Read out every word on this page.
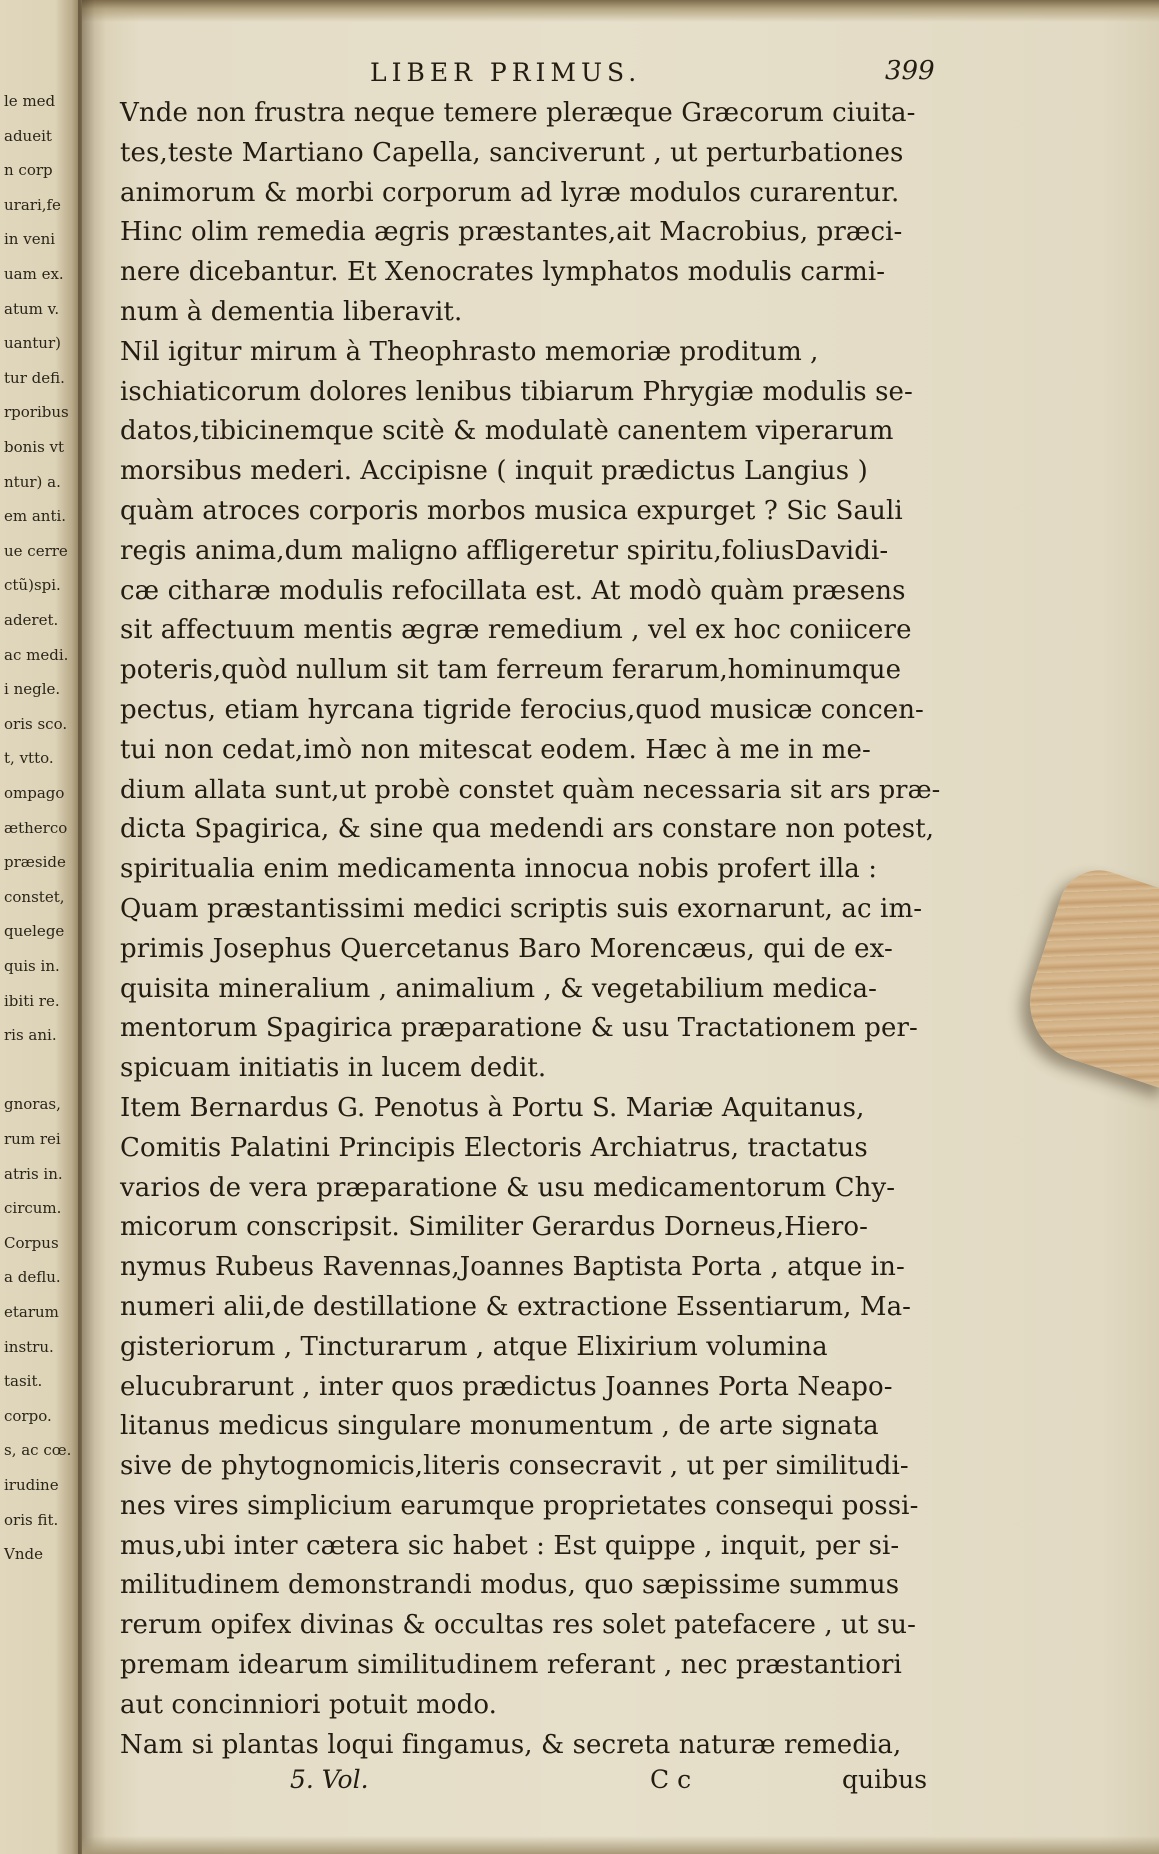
le med
adueit
n corp
urari,fe
in veni
uam ex.
atum v.
uantur)
tur defi.
rporibus
bonis vt
ntur) a.
em anti.
ue cerre
ctũ)spi.
aderet.
ac medi.
i negle.
oris sco.
t, vtto.
ompago
ætherco
præside
constet,
quelege
quis in.
ibiti re.
ris ani.
gnoras,
rum rei
atris in.
circum.
Corpus
a deflu.
etarum
instru.
tasit.
corpo.
s, ac cœ.
irudine
oris fit.
Vnde
LIBER PRIMUS.	399
Vnde non frustra neque temere pleræque Græcorum ciuita-
tes,teste Martiano Capella, sanciverunt , ut perturbationes
animorum & morbi corporum ad lyræ modulos curarentur.
Hinc olim remedia ægris præstantes,ait Macrobius, præci-
nere dicebantur. Et Xenocrates lymphatos modulis carmi-
num à dementia liberavit.
Nil igitur mirum à Theophrasto memoriæ proditum ,
ischiaticorum dolores lenibus tibiarum Phrygiæ modulis se-
datos,tibicinemque scitè & modulatè canentem viperarum
morsibus mederi. Accipisne ( inquit prædictus Langius )
quàm atroces corporis morbos musica expurget ? Sic Sauli
regis anima,dum maligno affligeretur spiritu,foliusDavidi-
cæ citharæ modulis refocillata est. At modò quàm præsens
sit affectuum mentis ægræ remedium , vel ex hoc coniicere
poteris,quòd nullum sit tam ferreum ferarum,hominumque
pectus, etiam hyrcana tigride ferocius,quod musicæ concen-
tui non cedat,imò non mitescat eodem. Hæc à me in me-
dium allata sunt,ut probè constet quàm necessaria sit ars præ-
dicta Spagirica, & sine qua medendi ars constare non potest,
spiritualia enim medicamenta innocua nobis profert illa :
Quam præstantissimi medici scriptis suis exornarunt, ac im-
primis Josephus Quercetanus Baro Morencæus, qui de ex-
quisita mineralium , animalium , & vegetabilium medica-
mentorum Spagirica præparatione & usu Tractationem per-
spicuam initiatis in lucem dedit.
Item Bernardus G. Penotus à Portu S. Mariæ Aquitanus,
Comitis Palatini Principis Electoris Archiatrus, tractatus
varios de vera præparatione & usu medicamentorum Chy-
micorum conscripsit. Similiter Gerardus Dorneus,Hiero-
nymus Rubeus Ravennas,Joannes Baptista Porta , atque in-
numeri alii,de destillatione & extractione Essentiarum, Ma-
gisteriorum , Tincturarum , atque Elixirium volumina
elucubrarunt , inter quos prædictus Joannes Porta Neapo-
litanus medicus singulare monumentum , de arte signata
sive de phytognomicis,literis consecravit , ut per similitudi-
nes vires simplicium earumque proprietates consequi possi-
mus,ubi inter cætera sic habet : Est quippe , inquit, per si-
militudinem demonstrandi modus, quo sæpissime summus
rerum opifex divinas & occultas res solet patefacere , ut su-
premam idearum similitudinem referant , nec præstantiori
aut concinniori potuit modo.
Nam si plantas loqui fingamus, & secreta naturæ remedia,
5. Vol.	C c	quibus
